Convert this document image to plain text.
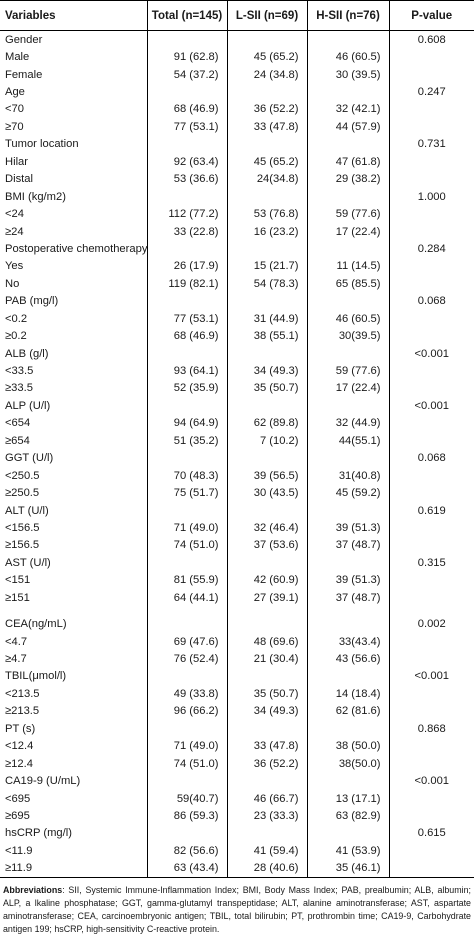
Variables	Total (n=145)	L-SII (n=69)	H-SII (n=76)	P-value
Gender				0.608
Male	91 (62.8)	45 (65.2)	46 (60.5)	
Female	54 (37.2)	24 (34.8)	30 (39.5)	
Age				0.247
<70	68 (46.9)	36 (52.2)	32 (42.1)	
≥70	77 (53.1)	33 (47.8)	44 (57.9)	
Tumor location				0.731
Hilar	92 (63.4)	45 (65.2)	47 (61.8)	
Distal	53 (36.6)	24(34.8)	29 (38.2)	
BMI (kg/m2)				1.000
<24	112 (77.2)	53 (76.8)	59 (77.6)	
≥24	33 (22.8)	16 (23.2)	17 (22.4)	
Postoperative chemotherapy				0.284
Yes	26 (17.9)	15 (21.7)	11 (14.5)	
No	119 (82.1)	54 (78.3)	65 (85.5)	
PAB (mg/l)				0.068
<0.2	77 (53.1)	31 (44.9)	46 (60.5)	
≥0.2	68 (46.9)	38 (55.1)	30(39.5)	
ALB (g/l)				<0.001
<33.5	93 (64.1)	34 (49.3)	59 (77.6)	
≥33.5	52 (35.9)	35 (50.7)	17 (22.4)	
ALP (U/l)				<0.001
<654	94 (64.9)	62 (89.8)	32 (44.9)	
≥654	51 (35.2)	7 (10.2)	44(55.1)	
GGT (U/l)				0.068
<250.5	70 (48.3)	39 (56.5)	31(40.8)	
≥250.5	75 (51.7)	30 (43.5)	45 (59.2)	
ALT (U/l)				0.619
<156.5	71 (49.0)	32 (46.4)	39 (51.3)	
≥156.5	74 (51.0)	37 (53.6)	37 (48.7)	
AST (U/l)				0.315
<151	81 (55.9)	42 (60.9)	39 (51.3)	
≥151	64 (44.1)	27 (39.1)	37 (48.7)	

CEA(ng/mL)				0.002
<4.7	69 (47.6)	48 (69.6)	33(43.4)	
≥4.7	76 (52.4)	21 (30.4)	43 (56.6)	
TBIL(μmol/l)				<0.001
<213.5	49 (33.8)	35 (50.7)	14 (18.4)	
≥213.5	96 (66.2)	34 (49.3)	62 (81.6)	
PT (s)				0.868
<12.4	71 (49.0)	33 (47.8)	38 (50.0)	
≥12.4	74 (51.0)	36 (52.2)	38(50.0)	
CA19-9 (U/mL)				<0.001
<695	59(40.7)	46 (66.7)	13 (17.1)	
≥695	86 (59.3)	23 (33.3)	63 (82.9)	
hsCRP (mg/l)				0.615
<11.9	82 (56.6)	41 (59.4)	41 (53.9)	
≥11.9	63 (43.4)	28 (40.6)	35 (46.1)	
Abbreviations: SII, Systemic Immune-Inflammation Index; BMI, Body Mass Index; PAB, prealbumin; ALB, albumin; ALP, a lkaline phosphatase; GGT, gamma-glutamyl transpeptidase; ALT, alanine aminotransferase; AST, aspartate aminotransferase; CEA, carcinoembryonic antigen; TBIL, total bilirubin; PT, prothrombin time; CA19-9, Carbohydrate antigen 199; hsCRP, high-sensitivity C-reactive protein.
